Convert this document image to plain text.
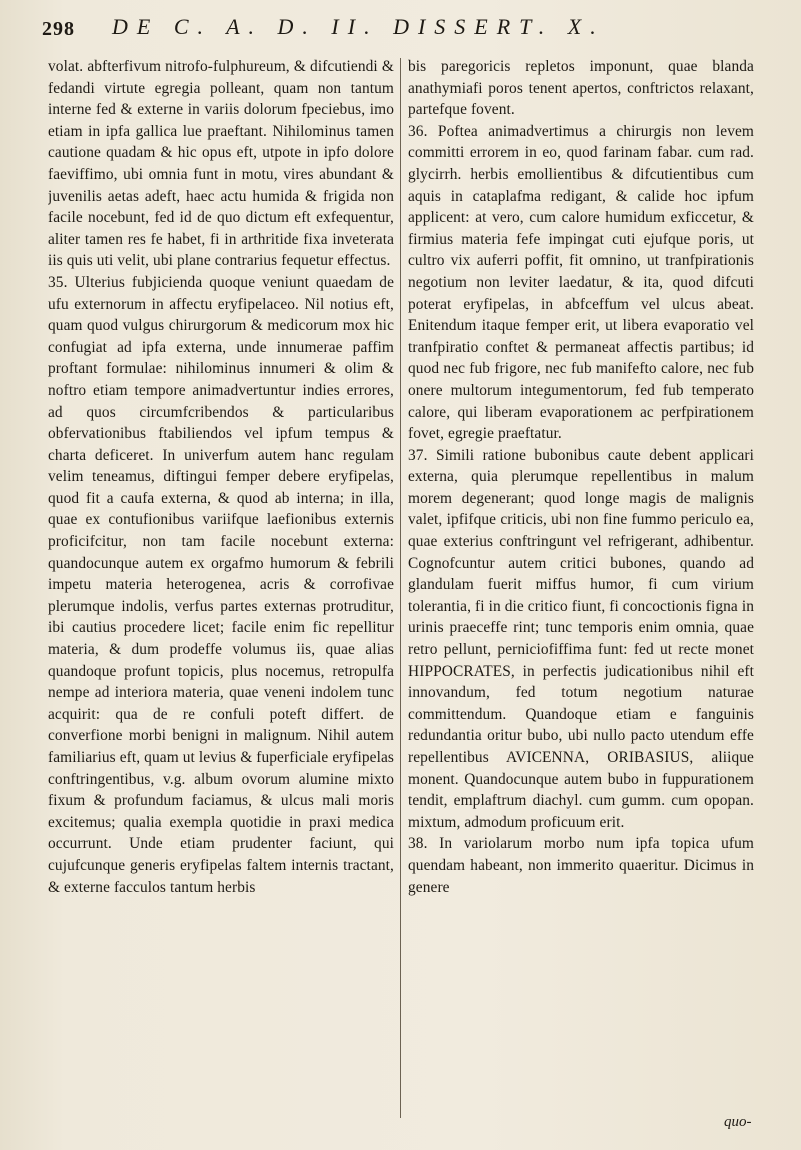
298 DE C. A. D. II. DISSERT. X.

volat. abfterfivum nitrofo-fulphureum, & difcutiendi & fedandi virtute egregia polleant, quam non tantum interne fed & externe in variis dolorum fpeciebus, imo etiam in ipfa gallica lue praeftant. Nihilominus tamen cautione quadam & hic opus eft, utpote in ipfo dolore faeviffimo, ubi omnia funt in motu, vires abundant & juvenilis aetas adeft, haec actu humida & frigida non facile nocebunt, fed id de quo dictum eft exfequentur, aliter tamen res fe habet, fi in arthritide fixa inveterata iis quis uti velit, ubi plane contrarius fequetur effectus.
35. Ulterius fubjicienda quoque veniunt quaedam de ufu externorum in affectu eryfipelaceo. Nil notius eft, quam quod vulgus chirurgorum & medicorum mox hic confugiat ad ipfa externa, unde innumerae paffim proftant formulae: nihilominus innumeri & olim & noftro etiam tempore animadvertuntur indies errores, ad quos circumfcribendos & particularibus obfervationibus ftabiliendos vel ipfum tempus & charta deficeret. In univerfum autem hanc regulam velim teneamus, diftingui femper debere eryfipelas, quod fit a caufa externa, & quod ab interna; in illa, quae ex contufionibus variifque laefionibus externis proficifcitur, non tam facile nocebunt externa: quandocunque autem ex orgafmo humorum & febrili impetu materia heterogenea, acris & corrofivae plerumque indolis, verfus partes externas protruditur, ibi cautius procedere licet; facile enim fic repellitur materia, & dum prodeffe volumus iis, quae alias quandoque profunt topicis, plus nocemus, retropulfa nempe ad interiora materia, quae veneni indolem tunc acquirit: qua de re confuli poteft differt. de converfione morbi benigni in malignum. Nihil autem familiarius eft, quam ut levius & fuperficiale eryfipelas conftringentibus, v.g. album ovorum alumine mixto fixum & profundum faciamus, & ulcus mali moris excitemus; qualia exempla quotidie in praxi medica occurrunt. Unde etiam prudenter faciunt, qui cujufcunque generis eryfipelas faltem internis tractant, & externe facculos tantum herbis

bis paregoricis repletos imponunt, quae blanda anathymiafi poros tenent apertos, conftrictos relaxant, partefque fovent.
36. Poftea animadvertimus a chirurgis non levem committi errorem in eo, quod farinam fabar. cum rad. glycirrh. herbis emollientibus & difcutientibus cum aquis in cataplafma redigant, & calide hoc ipfum applicent: at vero, cum calore humidum exficcetur, & firmius materia fefe impingat cuti ejufque poris, ut cultro vix auferri poffit, fit omnino, ut tranfpirationis negotium non leviter laedatur, & ita, quod difcuti poterat eryfipelas, in abfceffum vel ulcus abeat. Enitendum itaque femper erit, ut libera evaporatio vel tranfpiratio conftet & permaneat affectis partibus; id quod nec fub frigore, nec fub manifefto calore, nec fub onere multorum integumentorum, fed fub temperato calore, qui liberam evaporationem ac perfpirationem fovet, egregie praeftatur.
37. Simili ratione bubonibus caute debent applicari externa, quia plerumque repellentibus in malum morem degenerant; quod longe magis de malignis valet, ipfifque criticis, ubi non fine fummo periculo ea, quae exterius conftringunt vel refrigerant, adhibentur. Cognofcuntur autem critici bubones, quando ad glandulam fuerit miffus humor, fi cum virium tolerantia, fi in die critico fiunt, fi concoctionis figna in urinis praeceffe rint; tunc temporis enim omnia, quae retro pellunt, perniciofiffima funt: fed ut recte monet HIPPOCRATES, in perfectis judicationibus nihil eft innovandum, fed totum negotium naturae committendum. Quandoque etiam e fanguinis redundantia oritur bubo, ubi nullo pacto utendum effe repellentibus AVICENNA, ORIBASIUS, aliique monent. Quandocunque autem bubo in fuppurationem tendit, emplaftrum diachyl. cum gumm. cum opopan. mixtum, admodum proficuum erit.
38. In variolarum morbo num ipfa topica ufum quendam habeant, non immerito quaeritur. Dicimus in genere

quo-
